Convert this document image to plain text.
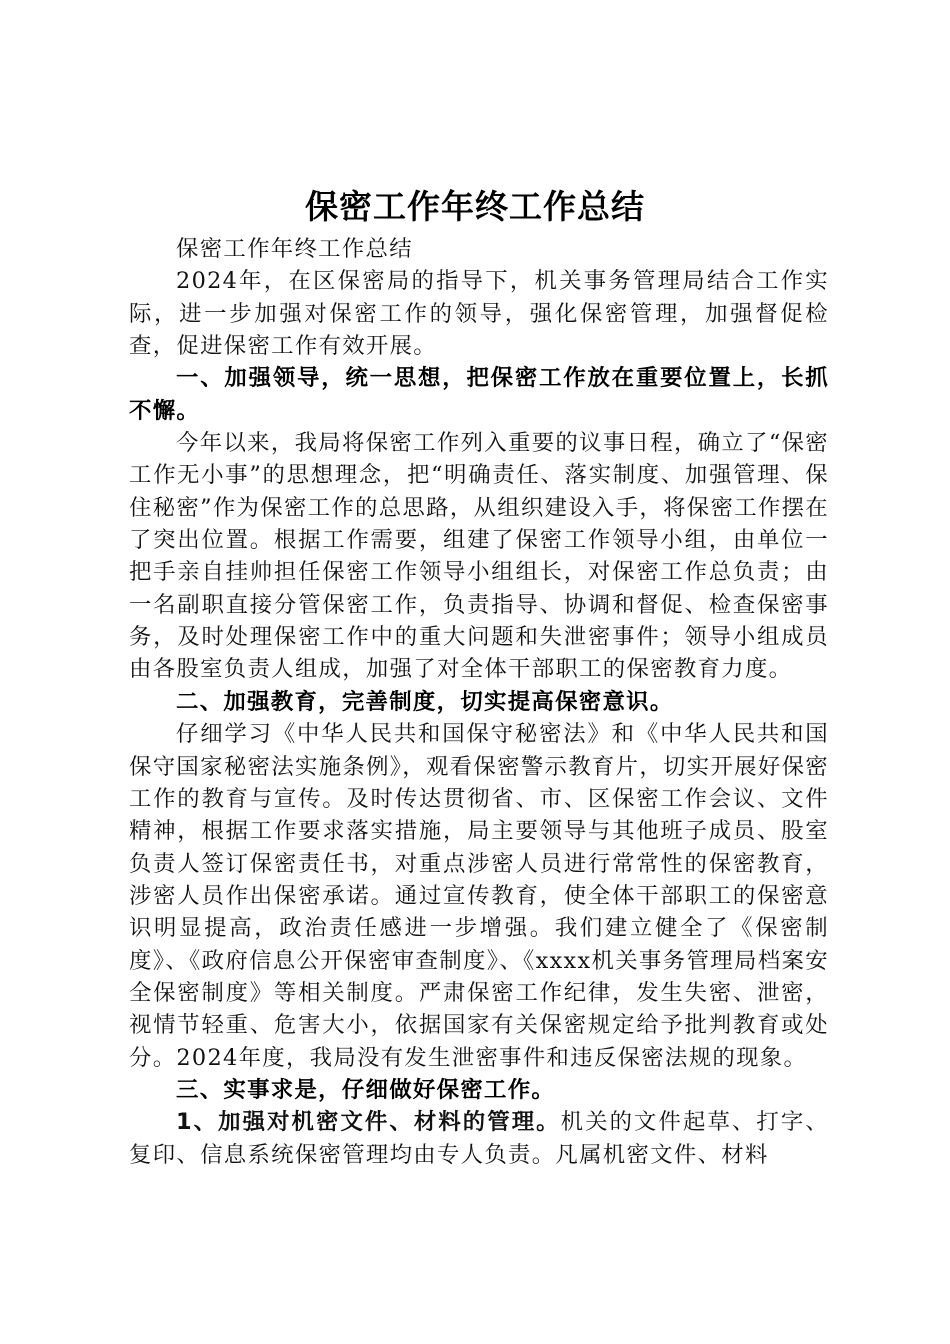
保密工作年终工作总结

保密工作年终工作总结

2024年，在区保密局的指导下，机关事务管理局结合工作实际，进一步加强对保密工作的领导，强化保密管理，加强督促检查，促进保密工作有效开展。

一、加强领导，统一思想，把保密工作放在重要位置上，长抓不懈。

今年以来，我局将保密工作列入重要的议事日程，确立了“保密工作无小事”的思想理念，把“明确责任、落实制度、加强管理、保住秘密”作为保密工作的总思路，从组织建设入手，将保密工作摆在了突出位置。根据工作需要，组建了保密工作领导小组，由单位一把手亲自挂帅担任保密工作领导小组组长，对保密工作总负责；由一名副职直接分管保密工作，负责指导、协调和督促、检查保密事务，及时处理保密工作中的重大问题和失泄密事件；领导小组成员由各股室负责人组成，加强了对全体干部职工的保密教育力度。

二、加强教育，完善制度，切实提高保密意识。

仔细学习《中华人民共和国保守秘密法》和《中华人民共和国保守国家秘密法实施条例》，观看保密警示教育片，切实开展好保密工作的教育与宣传。及时传达贯彻省、市、区保密工作会议、文件精神，根据工作要求落实措施，局主要领导与其他班子成员、股室负责人签订保密责任书，对重点涉密人员进行常常性的保密教育，涉密人员作出保密承诺。通过宣传教育，使全体干部职工的保密意识明显提高，政治责任感进一步增强。我们建立健全了《保密制度》、《政府信息公开保密审查制度》、《xxxx机关事务管理局档案安全保密制度》等相关制度。严肃保密工作纪律，发生失密、泄密，视情节轻重、危害大小，依据国家有关保密规定给予批判教育或处分。2024年度，我局没有发生泄密事件和违反保密法规的现象。

三、实事求是，仔细做好保密工作。

1、加强对机密文件、材料的管理。机关的文件起草、打字、复印、信息系统保密管理均由专人负责。凡属机密文件、材料
